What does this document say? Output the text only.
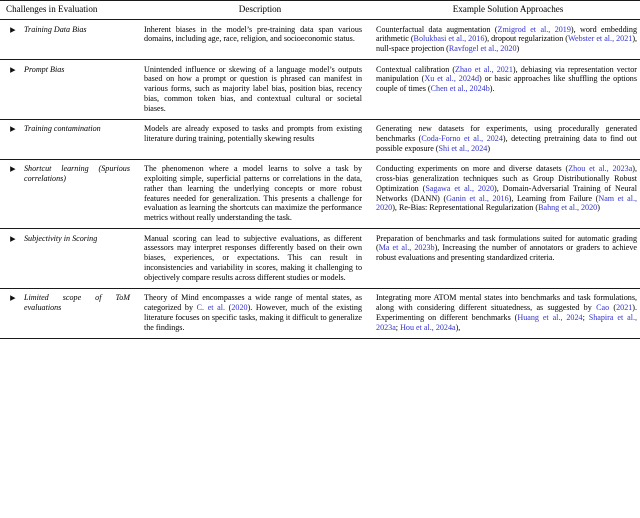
Challenges in Evaluation		Description	Example Solution Approaches
▶	Training Data Bias	Inherent biases in the model’s pre-training data span various domains, including age, race, religion, and socioeconomic status.	Counterfactual data augmentation (Zmigrod et al., 2019), word embedding arithmetic (Bolukbasi et al., 2016), dropout regularization (Webster et al., 2021), null-space projection (Ravfogel et al., 2020)
▶	Prompt Bias	Unintended influence or skewing of a language model’s outputs based on how a prompt or question is phrased can manifest in various forms, such as majority label bias, position bias, recency bias, common token bias, and contextual cultural or societal biases.	Contextual calibration (Zhao et al., 2021), debiasing via representation vector manipulation (Xu et al., 2024d) or basic approaches like shuffling the options couple of times (Chen et al., 2024b).
▶	Training contamination	Models are already exposed to tasks and prompts from existing literature during training, potentially skewing results	Generating new datasets for experiments, using procedurally generated benchmarks (Coda-Forno et al., 2024), detecting pretraining data to find out possible exposure (Shi et al., 2024)
▶	Shortcut learning (Spurious correlations)	The phenomenon where a model learns to solve a task by exploiting simple, superficial patterns or correlations in the data, rather than learning the underlying concepts or more robust features needed for generalization. This presents a challenge for evaluation as learning the shortcuts can maximize the performance metrics without really understanding the task.	Conducting experiments on more and diverse datasets (Zhou et al., 2023a), cross-bias generalization techniques such as Group Distributionally Robust Optimization (Sagawa et al., 2020), Domain-Adversarial Training of Neural Networks (DANN) (Ganin et al., 2016), Learning from Failure (Nam et al., 2020), Re-Bias: Representational Regularization (Bahng et al., 2020)
▶	Subjectivity in Scoring	Manual scoring can lead to subjective evaluations, as different assessors may interpret responses differently based on their own biases, experiences, or expectations. This can result in inconsistencies and variability in scores, making it challenging to objectively compare results across different studies or models.	Preparation of benchmarks and task formulations suited for automatic grading (Ma et al., 2023b), Increasing the number of annotators or graders to achieve robust evaluations and presenting standardized criteria.
▶	Limited scope of ToM evaluations	Theory of Mind encompasses a wide range of mental states, as categorized by C. et al. (2020). However, much of the existing literature focuses on specific tasks, making it difficult to generalize the findings.	Integrating more ATOM mental states into benchmarks and task formulations, along with considering different situatedness, as suggested by Cao (2021). Experimenting on different benchmarks (Huang et al., 2024; Shapira et al., 2023a; Hou et al., 2024a),
